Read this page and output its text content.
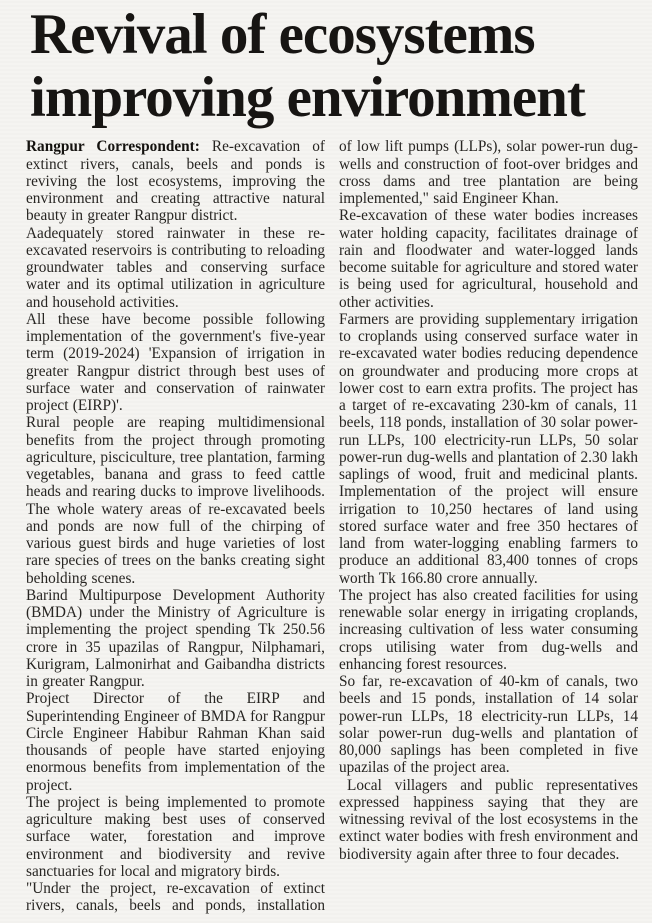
Revival of ecosystems
improving environment

Rangpur Correspondent: Re-excavation of extinct rivers, canals, beels and ponds is reviving the lost ecosystems, improving the environment and creating attractive natural beauty in greater Rangpur district.

Aadequately stored rainwater in these re-excavated reservoirs is contributing to reloading groundwater tables and conserving surface water and its optimal utilization in agriculture and household activities.

All these have become possible following implementation of the government's five-year term (2019-2024) 'Expansion of irrigation in greater Rangpur district through best uses of surface water and conservation of rainwater project (EIRP)'.

Rural people are reaping multidimensional benefits from the project through promoting agriculture, pisciculture, tree plantation, farming vegetables, banana and grass to feed cattle heads and rearing ducks to improve livelihoods. The whole watery areas of re-excavated beels and ponds are now full of the chirping of various guest birds and huge varieties of lost rare species of trees on the banks creating sight beholding scenes.

Barind Multipurpose Development Authority (BMDA) under the Ministry of Agriculture is implementing the project spending Tk 250.56 crore in 35 upazilas of Rangpur, Nilphamari, Kurigram, Lalmonirhat and Gaibandha districts in greater Rangpur.

Project Director of the EIRP and Superintending Engineer of BMDA for Rangpur Circle Engineer Habibur Rahman Khan said thousands of people have started enjoying enormous benefits from implementation of the project.

The project is being implemented to promote agriculture making best uses of conserved surface water, forestation and improve environment and biodiversity and revive sanctuaries for local and migratory birds.

"Under the project, re-excavation of extinct rivers, canals, beels and ponds, installation

of low lift pumps (LLPs), solar power-run dug-wells and construction of foot-over bridges and cross dams and tree plantation are being implemented," said Engineer Khan.

Re-excavation of these water bodies increases water holding capacity, facilitates drainage of rain and floodwater and water-logged lands become suitable for agriculture and stored water is being used for agricultural, household and other activities.

Farmers are providing supplementary irrigation to croplands using conserved surface water in re-excavated water bodies reducing dependence on groundwater and producing more crops at lower cost to earn extra profits. The project has a target of re-excavating 230-km of canals, 11 beels, 118 ponds, installation of 30 solar power-run LLPs, 100 electricity-run LLPs, 50 solar power-run dug-wells and plantation of 2.30 lakh saplings of wood, fruit and medicinal plants. Implementation of the project will ensure irrigation to 10,250 hectares of land using stored surface water and free 350 hectares of land from water-logging enabling farmers to produce an additional 83,400 tonnes of crops worth Tk 166.80 crore annually.

The project has also created facilities for using renewable solar energy in irrigating croplands, increasing cultivation of less water consuming crops utilising water from dug-wells and enhancing forest resources.

So far, re-excavation of 40-km of canals, two beels and 15 ponds, installation of 14 solar power-run LLPs, 18 electricity-run LLPs, 14 solar power-run dug-wells and plantation of 80,000 saplings has been completed in five upazilas of the project area.

Local villagers and public representatives expressed happiness saying that they are witnessing revival of the lost ecosystems in the extinct water bodies with fresh environment and biodiversity again after three to four decades.
